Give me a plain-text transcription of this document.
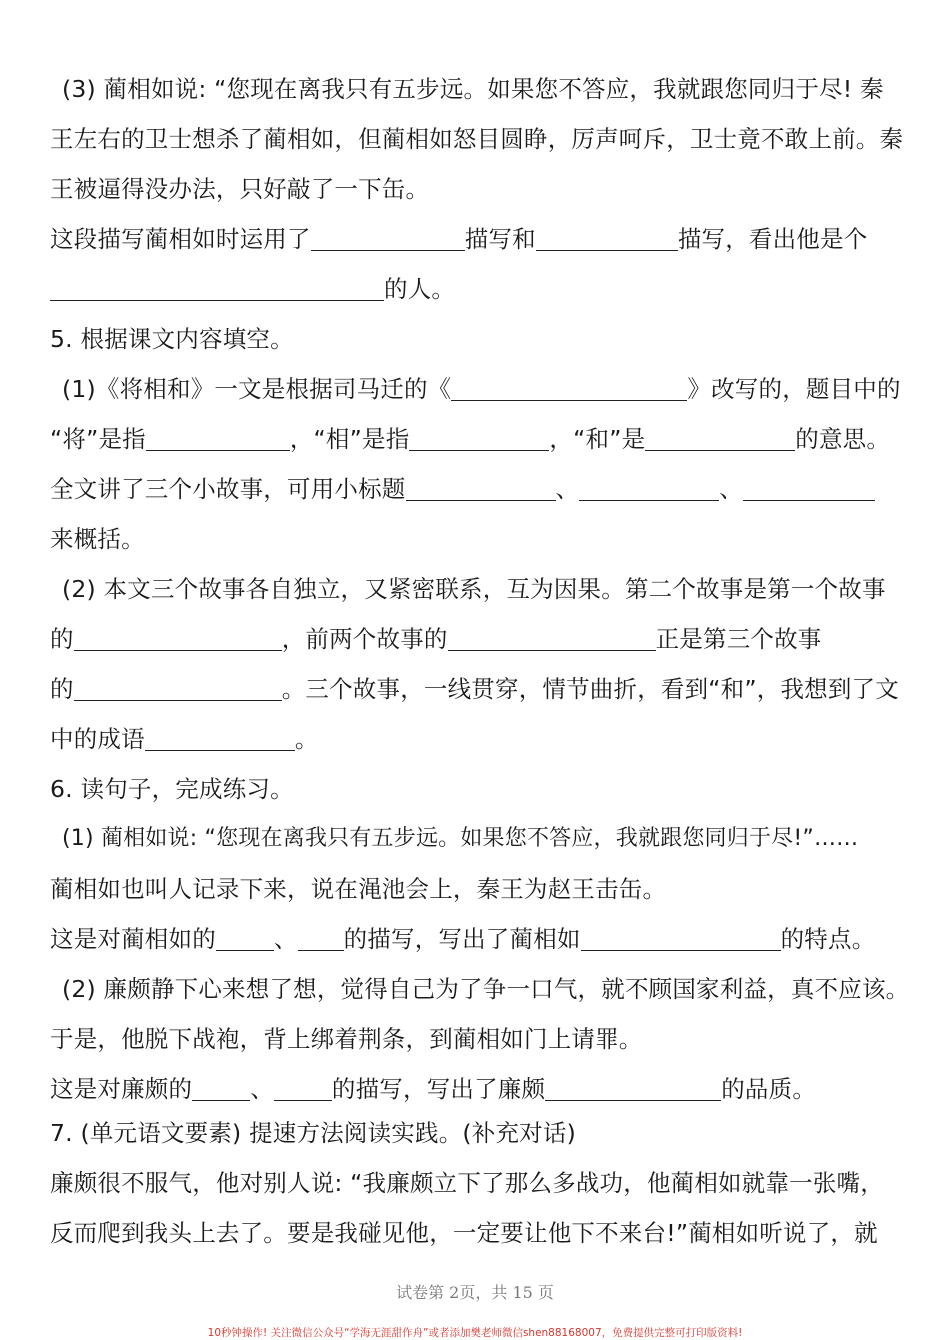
(3) 蔺相如说: “您现在离我只有五步远。如果您不答应，我就跟您同归于尽! 秦
王左右的卫士想杀了蔺相如，但蔺相如怒目圆睁，厉声呵斥，卫士竟不敢上前。秦
王被逼得没办法，只好敲了一下缶。
这段描写蔺相如时运用了	描写和	描写，看出他是个
的人。
5. 根据课文内容填空。
(1)《将相和》一文是根据司马迁的《	》改写的，题目中的
“将”是指	，“相”是指	，“和”是	的意思。
全文讲了三个小故事，可用小标题	、	、
来概括。
(2) 本文三个故事各自独立，又紧密联系，互为因果。第二个故事是第一个故事
的	，前两个故事的	正是第三个故事
的	。三个故事，一线贯穿，情节曲折，看到“和”，我想到了文
中的成语	。
6. 读句子，完成练习。
(1) 蔺相如说: “您现在离我只有五步远。如果您不答应，我就跟您同归于尽!”……
蔺相如也叫人记录下来，说在渑池会上，秦王为赵王击缶。
这是对蔺相如的 、 的描写，写出了蔺相如	的特点。
(2) 廉颇静下心来想了想，觉得自己为了争一口气，就不顾国家利益，真不应该。
于是，他脱下战袍，背上绑着荆条，到蔺相如门上请罪。
这是对廉颇的 、 的描写，写出了廉颇	的品质。
7. (单元语文要素) 提速方法阅读实践。(补充对话)
廉颇很不服气，他对别人说: “我廉颇立下了那么多战功，他蔺相如就靠一张嘴，
反而爬到我头上去了。要是我碰见他，一定要让他下不来台!”蔺相如听说了，就
试卷第 2页，共 15 页
10秒钟操作! 关注微信公众号“学海无涯甜作舟”或者添加樊老师微信shen88168007，免费提供完整可打印版资料!
